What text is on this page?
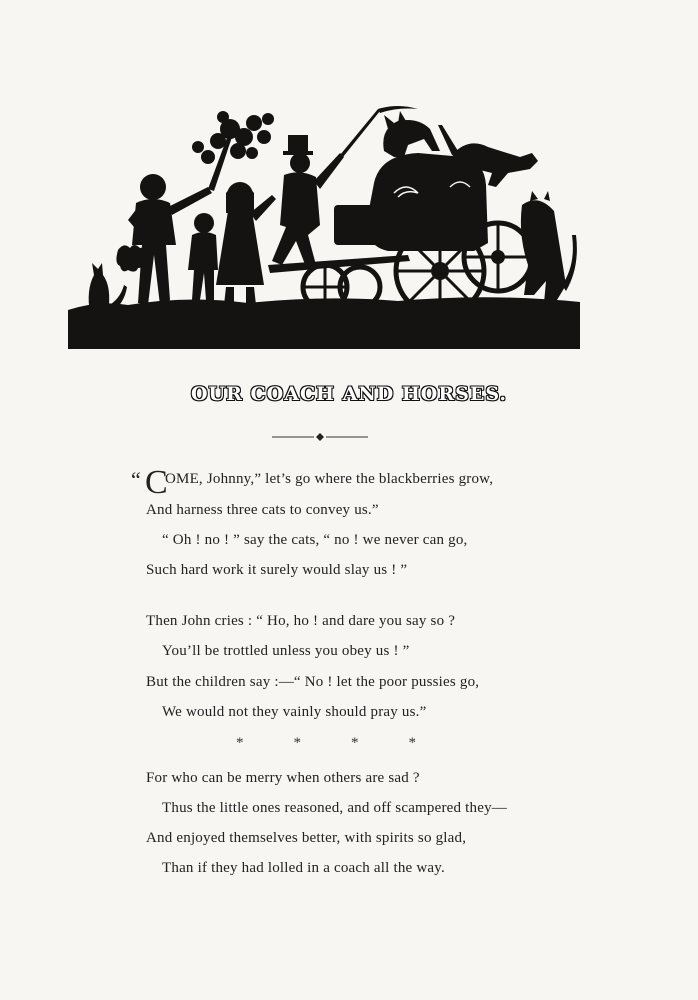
OUR COACH AND HORSES.
“ C
OME, Johnny,” let’s go where the blackberries grow,
And harness three cats to convey us.”
“ Oh ! no ! ” say the cats, “ no ! we never can go,
Such hard work it surely would slay us ! ”
Then John cries : “ Ho, ho ! and dare you say so ?
You’ll be trottled unless you obey us ! ”
But the children say :—“ No ! let the poor pussies go,
We would not they vainly should pray us.”
*	*	*	*
For who can be merry when others are sad ?
Thus the little ones reasoned, and off scampered they—
And enjoyed themselves better, with spirits so glad,
Than if they had lolled in a coach all the way.
